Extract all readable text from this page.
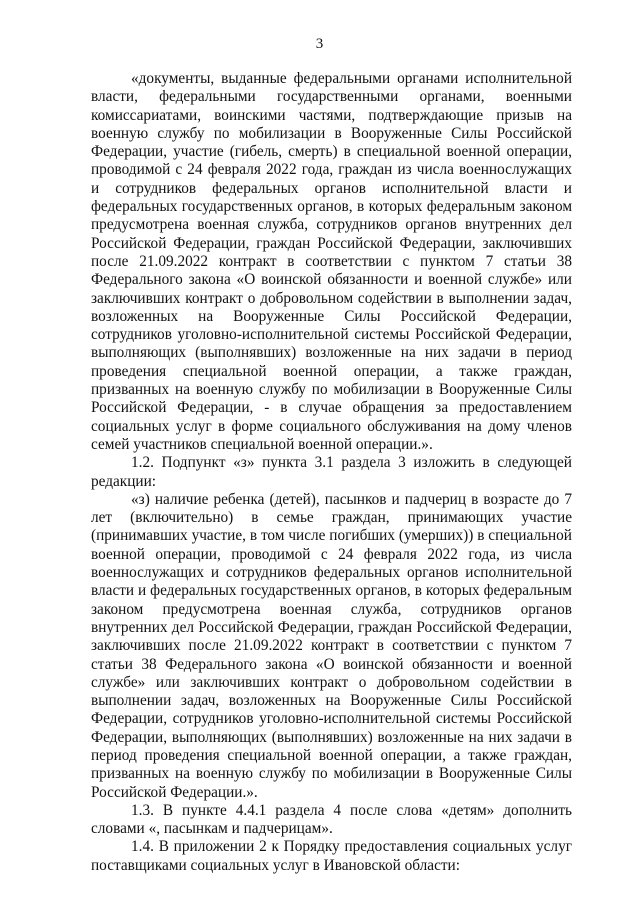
3

«документы, выданные федеральными органами исполнительной власти, федеральными государственными органами, военными комиссариатами, воинскими частями, подтверждающие призыв на военную службу по мобилизации в Вооруженные Силы Российской Федерации, участие (гибель, смерть) в специальной военной операции, проводимой с 24 февраля 2022 года, граждан из числа военнослужащих и сотрудников федеральных органов исполнительной власти и федеральных государственных органов, в которых федеральным законом предусмотрена военная служба, сотрудников органов внутренних дел Российской Федерации, граждан Российской Федерации, заключивших после 21.09.2022 контракт в соответствии с пунктом 7 статьи 38 Федерального закона «О воинской обязанности и военной службе» или заключивших контракт о добровольном содействии в выполнении задач, возложенных на Вооруженные Силы Российской Федерации, сотрудников уголовно-исполнительной системы Российской Федерации, выполняющих (выполнявших) возложенные на них задачи в период проведения специальной военной операции, а также граждан, призванных на военную службу по мобилизации в Вооруженные Силы Российской Федерации, - в случае обращения за предоставлением социальных услуг в форме социального обслуживания на дому членов семей участников специальной военной операции.».

1.2. Подпункт «з» пункта 3.1 раздела 3 изложить в следующей редакции:

«з) наличие ребенка (детей), пасынков и падчериц в возрасте до 7 лет (включительно) в семье граждан, принимающих участие (принимавших участие, в том числе погибших (умерших)) в специальной военной операции, проводимой с 24 февраля 2022 года, из числа военнослужащих и сотрудников федеральных органов исполнительной власти и федеральных государственных органов, в которых федеральным законом предусмотрена военная служба, сотрудников органов внутренних дел Российской Федерации, граждан Российской Федерации, заключивших после 21.09.2022 контракт в соответствии с пунктом 7 статьи 38 Федерального закона «О воинской обязанности и военной службе» или заключивших контракт о добровольном содействии в выполнении задач, возложенных на Вооруженные Силы Российской Федерации, сотрудников уголовно-исполнительной системы Российской Федерации, выполняющих (выполнявших) возложенные на них задачи в период проведения специальной военной операции, а также граждан, призванных на военную службу по мобилизации в Вооруженные Силы Российской Федерации.».

1.3. В пункте 4.4.1 раздела 4 после слова «детям» дополнить словами «, пасынкам и падчерицам».

1.4. В приложении 2 к Порядку предоставления социальных услуг поставщиками социальных услуг в Ивановской области:
